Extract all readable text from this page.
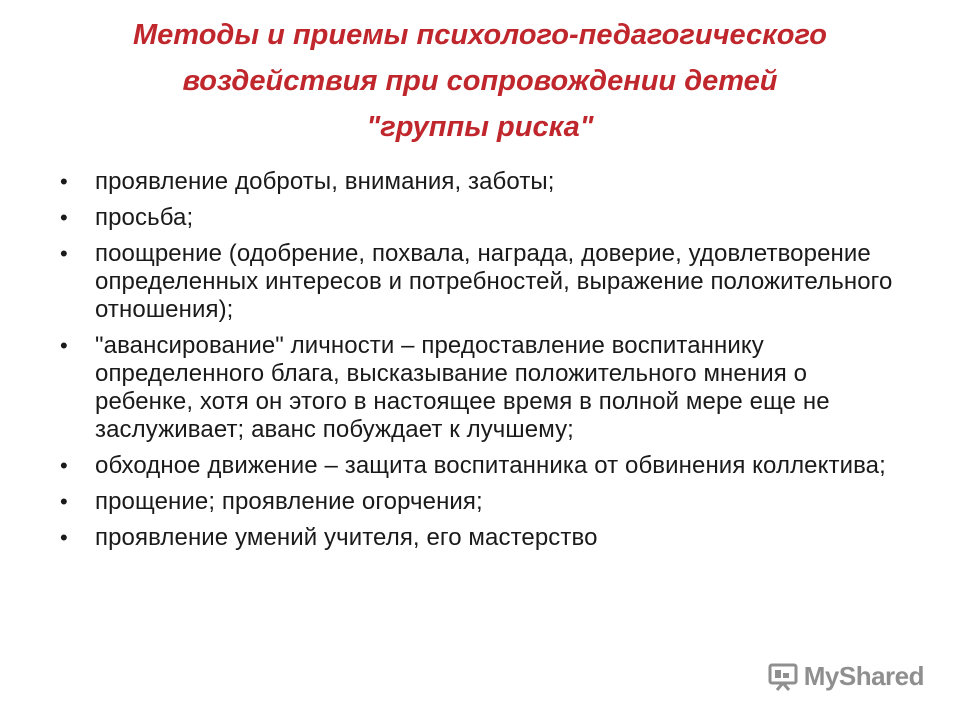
Методы и приемы психолого-педагогического
воздействия при сопровождении детей
"группы риска"
• проявление доброты, внимания, заботы;
• просьба;
• поощрение (одобрение, похвала, награда, доверие, удовлетворение определенных интересов и потребностей, выражение положительного отношения);
• "авансирование" личности – предоставление воспитаннику определенного блага, высказывание положительного мнения о ребенке, хотя он этого в настоящее время в полной мере еще не заслуживает; аванс побуждает к лучшему;
• обходное движение – защита воспитанника от обвинения коллектива;
• прощение; проявление огорчения;
• проявление умений учителя, его мастерство
MyShared
